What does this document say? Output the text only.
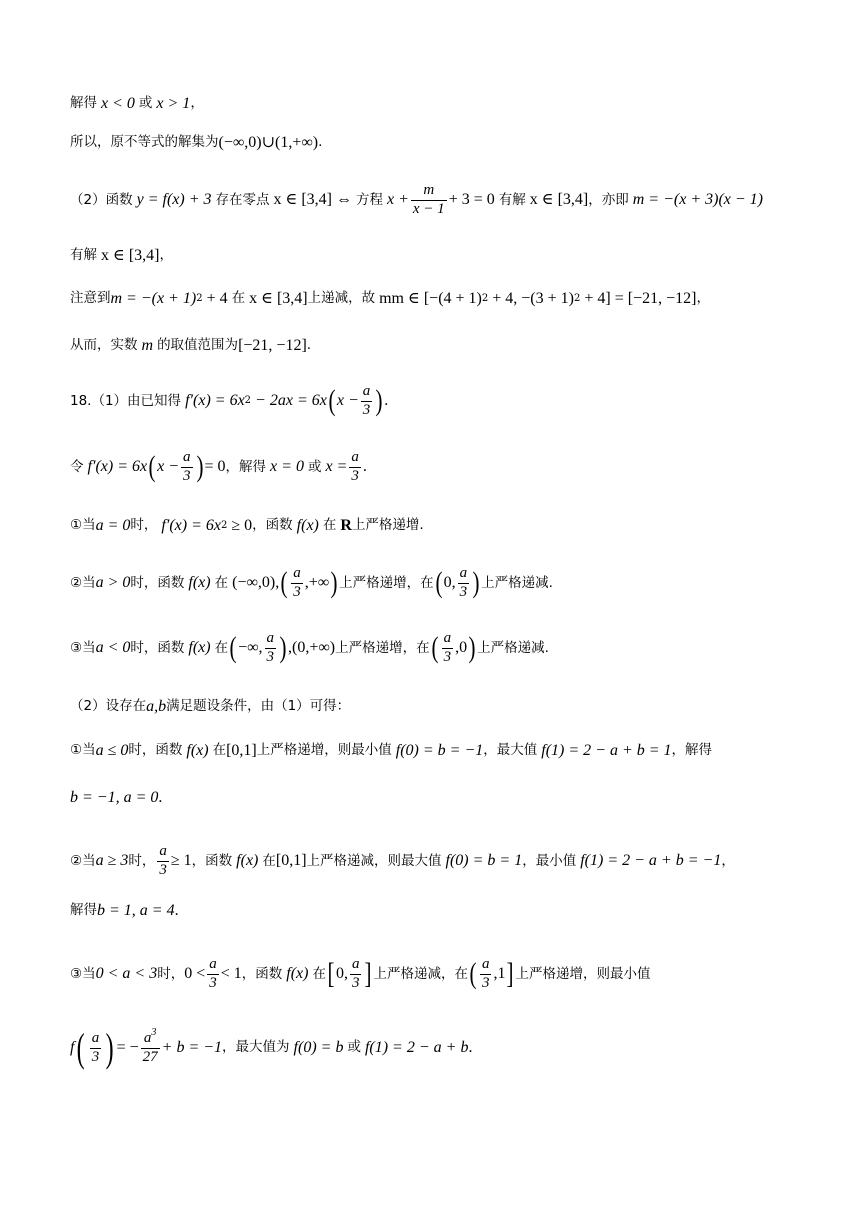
解得 x < 0 或 x > 1 ，
所以，原不等式的解集为 (−∞,0)∪(1,+∞) .
（2）函数 y = f(x) + 3 存在零点 x ∈ [3,4] ⇔ 方程 $x + \frac{m}{x - 1} + 3 = 0$ 有解 x ∈ [3,4] ，亦即 m = −(x + 3)(x − 1)
有解 x ∈ [3,4] ，
注意到 m = −(x + 1) 2 + 4 在 x ∈ [3,4] 上递减，故 mm ∈ [−(4 + 1) 2 + 4, −(3 + 1) 2 + 4] = [−21, −12] ，
从而，实数 m 的取值范围为 [−21, −12] .
18.（1）由已知得 f′(x) = 6x 2 − 2ax = 6x ( $x - \frac{a}{3}$ ) .
令 f′(x) = 6x ( $x - \frac{a}{3}$ ) = 0 ，解得 x = 0 或 $x = \frac{a}{3}$ .
①当 a = 0 时， f′(x) = 6x 2 ≥ 0 ，函数 f(x) 在 R 上严格递增.
②当 a > 0 时，函数 f(x) 在 (−∞,0), ( $\frac{a}{3}$ ,+∞ ) 上严格递增，在 ( 0, $\frac{a}{3}$ ) 上严格递减.
③当 a < 0 时，函数 f(x) 在 ( −∞, $\frac{a}{3}$ ) ,(0,+∞) 上严格递增，在 ( $\frac{a}{3} ,0$ ) 上严格递减.
（2）设存在 a,b 满足题设条件，由（1）可得：
①当 a ≤ 0 时，函数 f(x) 在 [0,1] 上严格递增，则最小值 f(0) = b = −1 ，最大值 f(1) = 2 − a + b = 1 ，解得
b = −1, a = 0 .
②当 a ≥ 3 时， $\frac{a}{3} \ge 1$ ，函数 f(x) 在 [0,1] 上严格递减，则最大值 f(0) = b = 1 ，最小值 f(1) = 2 − a + b = −1 ，
解得 b = 1, a = 4 .
③当 0 < a < 3 时， $0 < \frac{a}{3} < 1$ ，函数 f(x) 在 [ 0, $\frac{a}{3}$ ] 上严格递减，在 ( $\frac{a}{3} ,1$ ] 上严格递增，则最小值
f ( $\frac{a}{3}$ ) = − $\frac{a^3}{27} + b = -1$ ，最大值为 f(0) = b 或 f(1) = 2 − a + b .
